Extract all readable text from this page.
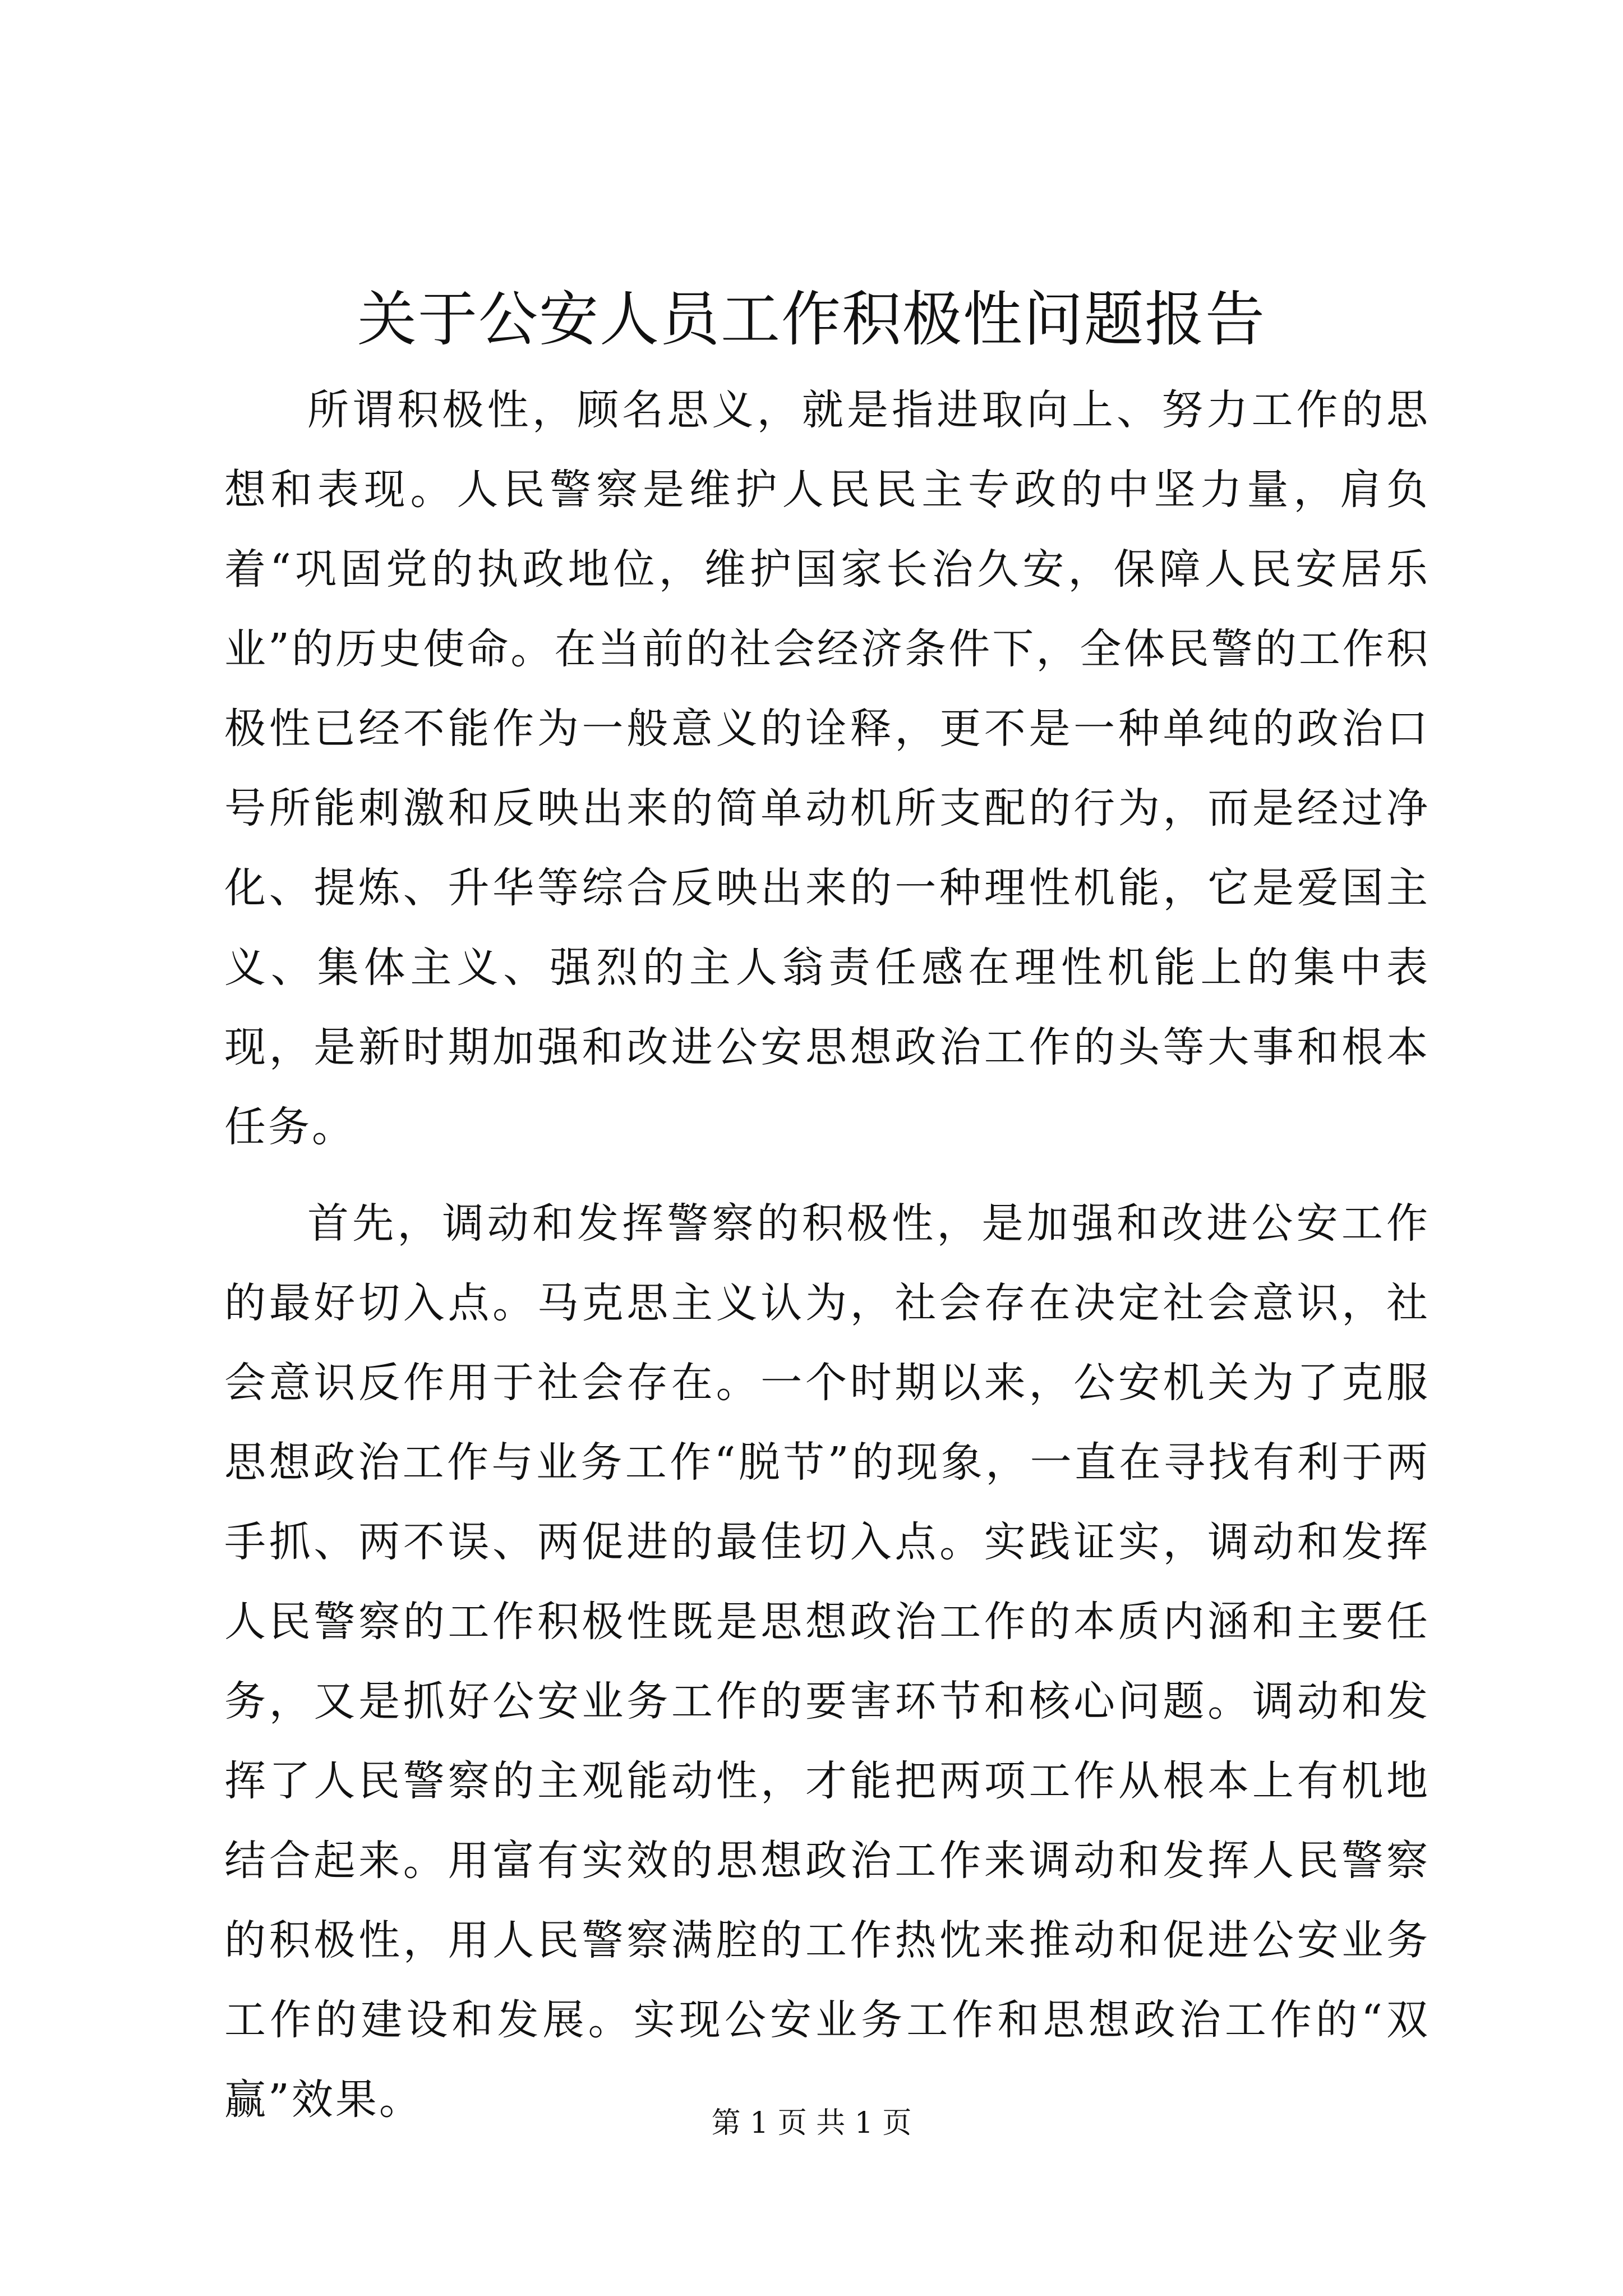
关于公安人员工作积极性问题报告

所谓积极性，顾名思义，就是指进取向上、努力工作的思想和表现。人民警察是维护人民民主专政的中坚力量，肩负着“巩固党的执政地位，维护国家长治久安，保障人民安居乐业”的历史使命。在当前的社会经济条件下，全体民警的工作积极性已经不能作为一般意义的诠释，更不是一种单纯的政治口号所能刺激和反映出来的简单动机所支配的行为，而是经过净化、提炼、升华等综合反映出来的一种理性机能，它是爱国主义、集体主义、强烈的主人翁责任感在理性机能上的集中表现，是新时期加强和改进公安思想政治工作的头等大事和根本任务。

首先，调动和发挥警察的积极性，是加强和改进公安工作的最好切入点。马克思主义认为，社会存在决定社会意识，社会意识反作用于社会存在。一个时期以来，公安机关为了克服思想政治工作与业务工作“脱节”的现象，一直在寻找有利于两手抓、两不误、两促进的最佳切入点。实践证实，调动和发挥人民警察的工作积极性既是思想政治工作的本质内涵和主要任务，又是抓好公安业务工作的要害环节和核心问题。调动和发挥了人民警察的主观能动性，才能把两项工作从根本上有机地结合起来。用富有实效的思想政治工作来调动和发挥人民警察的积极性，用人民警察满腔的工作热忱来推动和促进公安业务工作的建设和发展。实现公安业务工作和思想政治工作的“双赢”效果。	第 1 页 共 1 页
